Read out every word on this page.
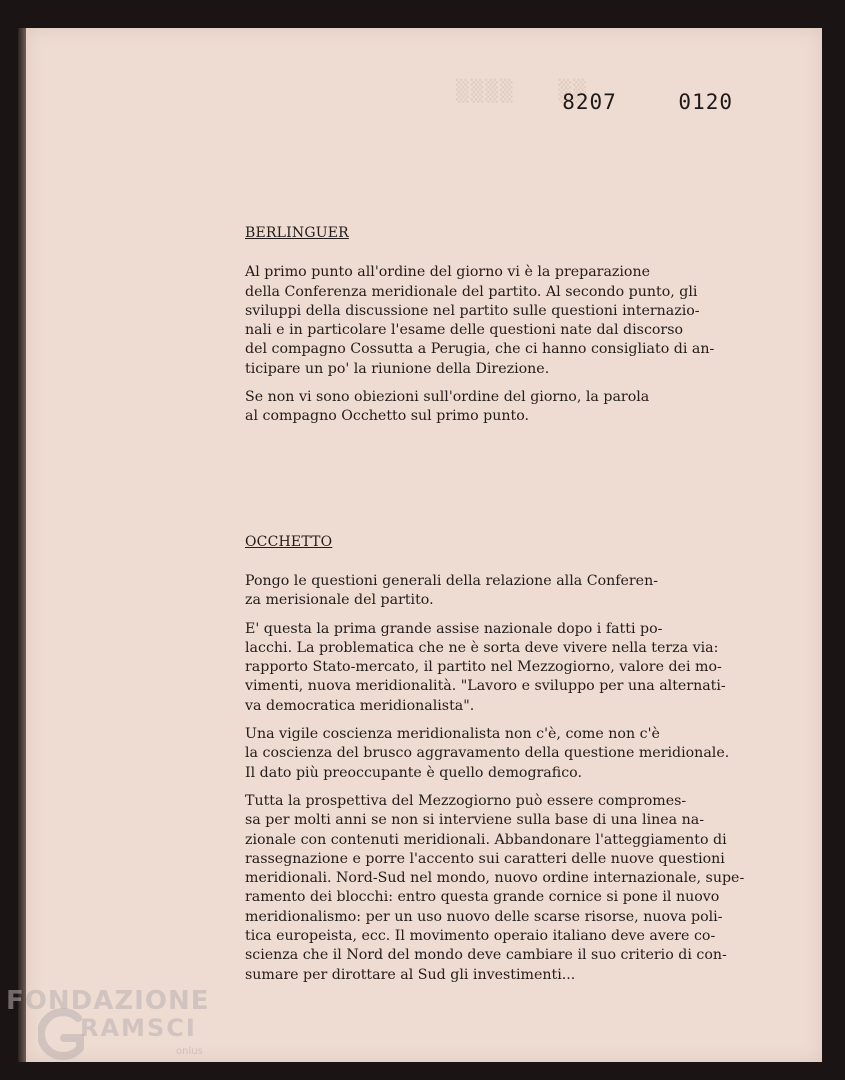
▒▒▒▒   ▒▒
8207	0120

BERLINGUER

Al primo punto all'ordine del giorno vi è la preparazione
della Conferenza meridionale del partito. Al secondo punto, gli
sviluppi della discussione nel partito sulle questioni internazio-
nali e in particolare l'esame delle questioni nate dal discorso
del compagno Cossutta a Perugia, che ci hanno consigliato di an-
ticipare un po' la riunione della Direzione.

Se non vi sono obiezioni sull'ordine del giorno, la parola
al compagno Occhetto sul primo punto.

OCCHETTO

Pongo le questioni generali della relazione alla Conferen-
za merisionale del partito.

E' questa la prima grande assise nazionale dopo i fatti po-
lacchi. La problematica che ne è sorta deve vivere nella terza via:
rapporto Stato-mercato, il partito nel Mezzogiorno, valore dei mo-
vimenti, nuova meridionalità. "Lavoro e sviluppo per una alternati-
va democratica meridionalista".

Una vigile coscienza meridionalista non c'è, come non c'è
la coscienza del brusco aggravamento della questione meridionale.
Il dato più preoccupante è quello demografico.

Tutta la prospettiva del Mezzogiorno può essere compromes-
sa per molti anni se non si interviene sulla base di una linea na-
zionale con contenuti meridionali. Abbandonare l'atteggiamento di
rassegnazione e porre l'accento sui caratteri delle nuove questioni
meridionali. Nord-Sud nel mondo, nuovo ordine internazionale, supe-
ramento dei blocchi: entro questa grande cornice si pone il nuovo
meridionalismo: per un uso nuovo delle scarse risorse, nuova poli-
tica europeista, ecc. Il movimento operaio italiano deve avere co-
scienza che il Nord del mondo deve cambiare il suo criterio di con-
sumare per dirottare al Sud gli investimenti...

FONDAZIONE
RAMSCI
onlus
